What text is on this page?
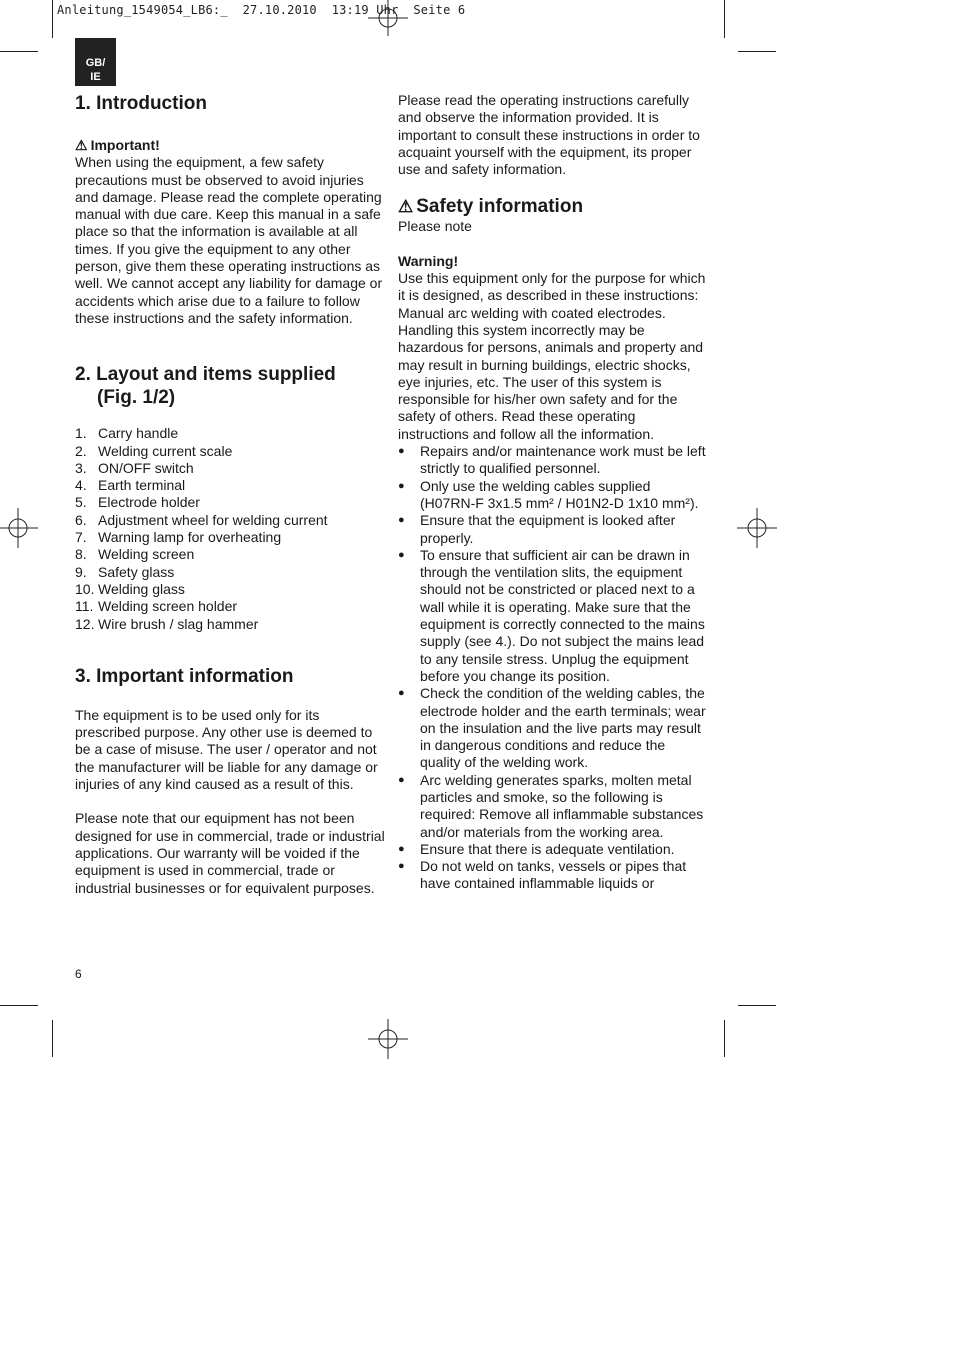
Anleitung_1549054_LB6:_  27.10.2010  13:19 Uhr  Seite 6
GB/
IE
1. Introduction

⚠ Important!

When using the equipment, a few safety precautions must be observed to avoid injuries and damage. Please read the complete operating manual with due care. Keep this manual in a safe place so that the information is available at all times. If you give the equipment to any other person, give them these operating instructions as well. We cannot accept any liability for damage or accidents which arise due to a failure to follow these instructions and the safety information.

2. Layout and items supplied
(Fig. 1/2)
1. Carry handle
2. Welding current scale
3. ON/OFF switch
4. Earth terminal
5. Electrode holder
6. Adjustment wheel for welding current
7. Warning lamp for overheating
8. Welding screen
9. Safety glass
10. Welding glass
11. Welding screen holder
12. Wire brush / slag hammer
3. Important information

The equipment is to be used only for its prescribed purpose. Any other use is deemed to be a case of misuse. The user / operator and not the manufacturer will be liable for any damage or injuries of any kind caused as a result of this.

Please note that our equipment has not been designed for use in commercial, trade or industrial applications. Our warranty will be voided if the equipment is used in commercial, trade or industrial businesses or for equivalent purposes.

Please read the operating instructions carefully and observe the information provided. It is important to consult these instructions in order to acquaint yourself with the equipment, its proper use and safety information.

⚠ Safety information

Please note

Warning!

Use this equipment only for the purpose for which it is designed, as described in these instructions: Manual arc welding with coated electrodes. Handling this system incorrectly may be hazardous for persons, animals and property and may result in burning buildings, electric shocks, eye injuries, etc. The user of this system is responsible for his/her own safety and for the safety of others. Read these operating instructions and follow all the information.

● Repairs and/or maintenance work must be left strictly to qualified personnel.
● Only use the welding cables supplied (H07RN-F 3x1.5 mm² / H01N2-D 1x10 mm²).
● Ensure that the equipment is looked after properly.
● To ensure that sufficient air can be drawn in through the ventilation slits, the equipment should not be constricted or placed next to a wall while it is operating. Make sure that the equipment is correctly connected to the mains supply (see 4.). Do not subject the mains lead to any tensile stress. Unplug the equipment before you change its position.
● Check the condition of the welding cables, the electrode holder and the earth terminals; wear on the insulation and the live parts may result in dangerous conditions and reduce the quality of the welding work.
● Arc welding generates sparks, molten metal particles and smoke, so the following is required: Remove all inflammable substances and/or materials from the working area.
● Ensure that there is adequate ventilation.
● Do not weld on tanks, vessels or pipes that have contained inflammable liquids or
6
